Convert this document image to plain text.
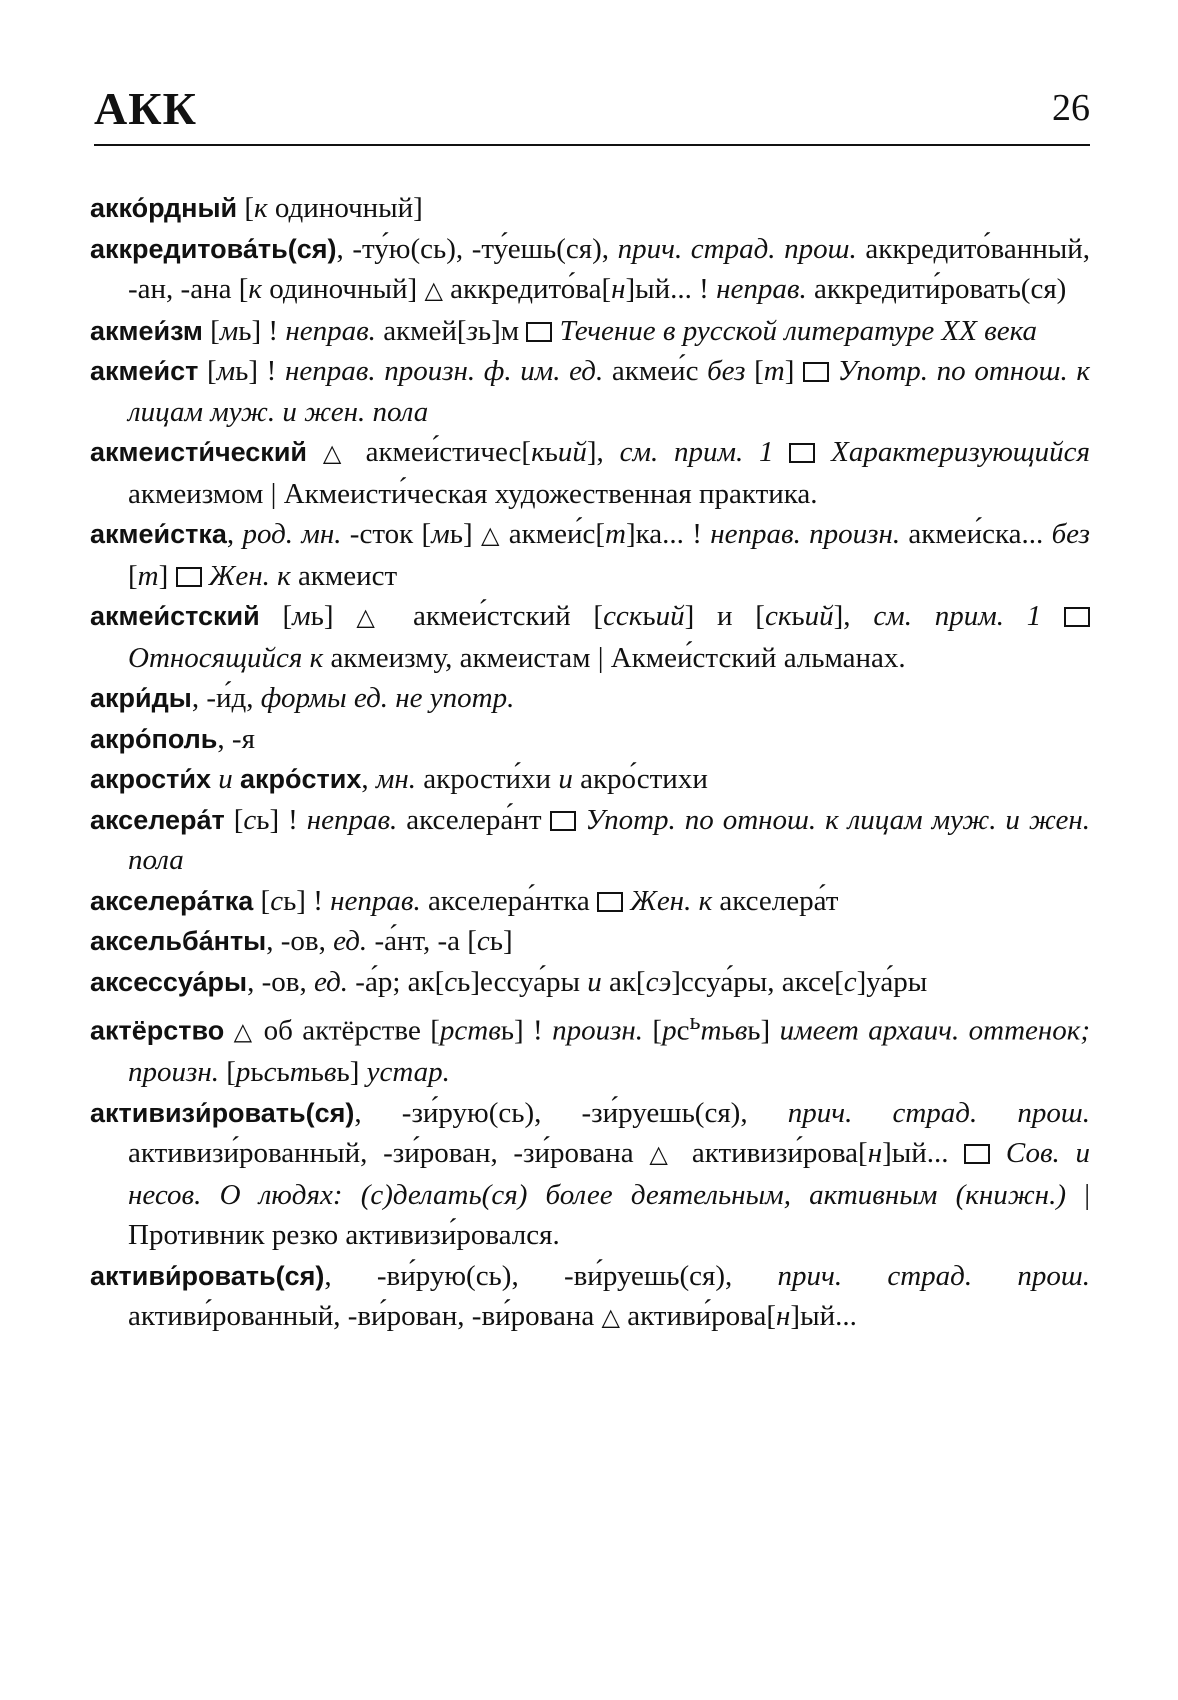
АКК	26

акко́рдный [к одиночный]

аккредитова́ть(ся), -ту́ю(сь), -ту́ешь(ся), прич. страд. прош. аккредито́ванный, -ан, -ана [к одиночный] △ аккредито́ва[н]ый... ! неправ. аккредити́ровать(ся)

акмеи́зм [мь] ! неправ. акмей[зь]м  Течение в русской литературе XX века

акмеи́ст [мь] ! неправ. произн. ф. им. ед. акмеи́с без [т]  Употр. по отнош. к лицам муж. и жен. пола

акмеисти́ческий △ акмеи́стичес[кьий], см. прим. 1 Характеризующийся акмеизмом | Акмеисти́ческая художественная практика.

акмеи́стка, род. мн. -сток [мь] △ акмеи́с[т]ка... ! неправ. произн. акмеи́ска... без [т]  Жен. к акмеист

акмеи́стский [мь] △ акмеи́стский [сскьий] и [скьий], см. прим. 1  Относящийся к акмеизму, акмеистам | Акмеи́стский альманах.

акри́ды, -и́д, формы ед. не употр.

акро́поль, -я

акрости́х и акро́стих, мн. акрости́хи и акро́стихи

акселера́т [сь] ! неправ. акселера́нт  Употр. по отнош. к лицам муж. и жен. пола

акселера́тка [сь] ! неправ. акселера́нтка  Жен. к акселера́т

аксельба́нты, -ов, ед. -а́нт, -а [сь]

аксессуа́ры, -ов, ед. -а́р; ак[сь]ессуа́ры и ак[сэ]ссуа́ры, аксе[с]уа́ры

актёрство △ об актёрстве [рствь] ! произн. $[рс^ьтьвь]$ имеет архаич. оттенок; произн. [рьсьтьвь] устар.

активизи́ровать(ся), -зи́рую(сь), -зи́руешь(ся), прич. страд. прош. активизи́рованный, -зи́рован, -зи́рована △ активизи́рова[н]ый...  Сов. и несов. О людях: (с)делать(ся) более деятельным, активным (книжн.) | Противник резко активизи́ровался.

активи́ровать(ся), -ви́рую(сь), -ви́руешь(ся), прич. страд. прош. активи́рованный, -ви́рован, -ви́рована △ активи́рова[н]ый...
